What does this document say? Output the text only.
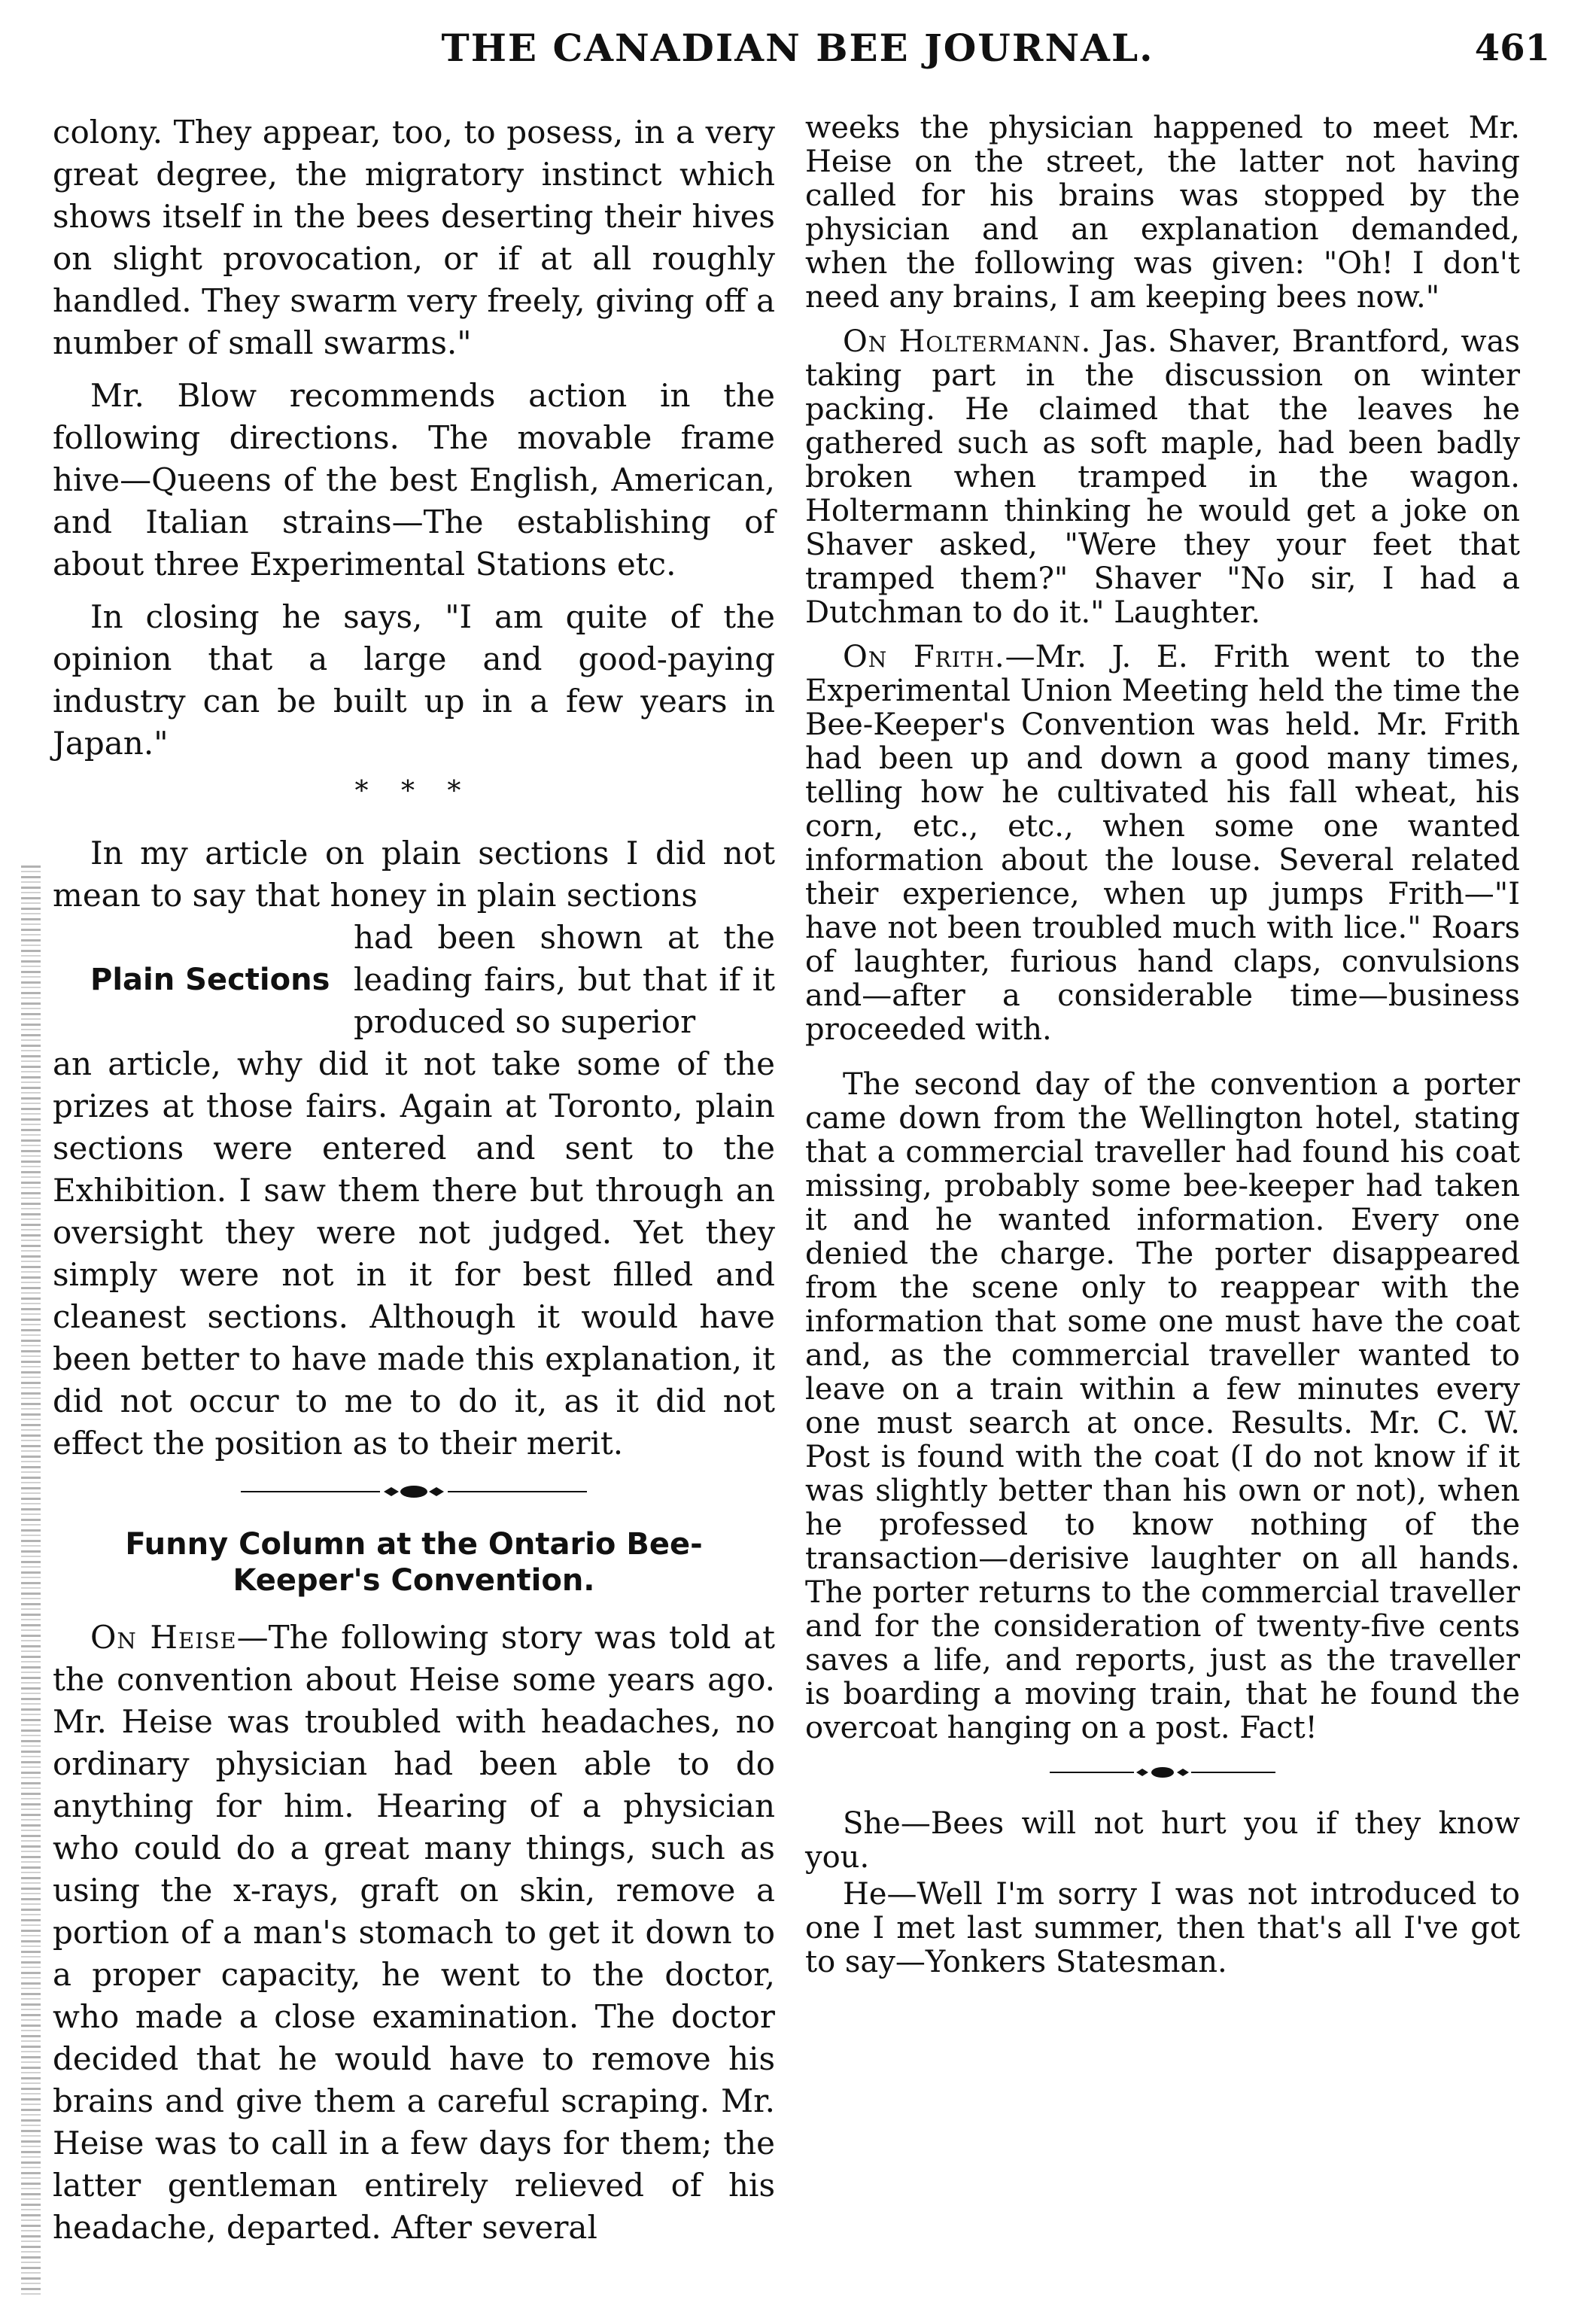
THE CANADIAN BEE JOURNAL.	461

colony. They appear, too, to posess, in a very great degree, the migratory instinct which shows itself in the bees deserting their hives on slight provocation, or if at all roughly handled. They swarm very freely, giving off a number of small swarms."

Mr. Blow recommends action in the following directions. The movable frame hive—Queens of the best English, American, and Italian strains—The establishing of about three Experimental Stations etc.

In closing he says, "I am quite of the opinion that a large and good-paying industry can be built up in a few years in Japan."

* * *

In my article on plain sections I did not mean to say that honey in plain sections

Plain Sections
had been shown at the leading fairs, but that if it produced so superior

an article, why did it not take some of the prizes at those fairs. Again at Toronto, plain sections were entered and sent to the Exhibition. I saw them there but through an oversight they were not judged. Yet they simply were not in it for best filled and cleanest sections. Although it would have been better to have made this explanation, it did not occur to me to do it, as it did not effect the position as to their merit.

Funny Column at the Ontario Bee-Keeper's Convention.

On Heise—The following story was told at the convention about Heise some years ago. Mr. Heise was troubled with headaches, no ordinary physician had been able to do anything for him. Hearing of a physician who could do a great many things, such as using the x-rays, graft on skin, remove a portion of a man's stomach to get it down to a proper capacity, he went to the doctor, who made a close examination. The doctor decided that he would have to remove his brains and give them a careful scraping. Mr. Heise was to call in a few days for them; the latter gentleman entirely relieved of his headache, departed. After several

weeks the physician happened to meet Mr. Heise on the street, the latter not having called for his brains was stopped by the physician and an explanation demanded, when the following was given: "Oh! I don't need any brains, I am keeping bees now."

On Holtermann. Jas. Shaver, Brantford, was taking part in the discussion on winter packing. He claimed that the leaves he gathered such as soft maple, had been badly broken when tramped in the wagon. Holtermann thinking he would get a joke on Shaver asked, "Were they your feet that tramped them?" Shaver "No sir, I had a Dutchman to do it." Laughter.

On Frith.—Mr. J. E. Frith went to the Experimental Union Meeting held the time the Bee-Keeper's Convention was held. Mr. Frith had been up and down a good many times, telling how he cultivated his fall wheat, his corn, etc., etc., when some one wanted information about the louse. Several related their experience, when up jumps Frith—"I have not been troubled much with lice." Roars of laughter, furious hand claps, convulsions and—after a considerable time—business proceeded with.

The second day of the convention a porter came down from the Wellington hotel, stating that a commercial traveller had found his coat missing, probably some bee-keeper had taken it and he wanted information. Every one denied the charge. The porter disappeared from the scene only to reappear with the information that some one must have the coat and, as the commercial traveller wanted to leave on a train within a few minutes every one must search at once. Results. Mr. C. W. Post is found with the coat (I do not know if it was slightly better than his own or not), when he professed to know nothing of the transaction—derisive laughter on all hands. The porter returns to the commercial traveller and for the consideration of twenty-five cents saves a life, and reports, just as the traveller is boarding a moving train, that he found the overcoat hanging on a post. Fact!

She—Bees will not hurt you if they know you.

He—Well I'm sorry I was not introduced to one I met last summer, then that's all I've got to say—Yonkers Statesman.
